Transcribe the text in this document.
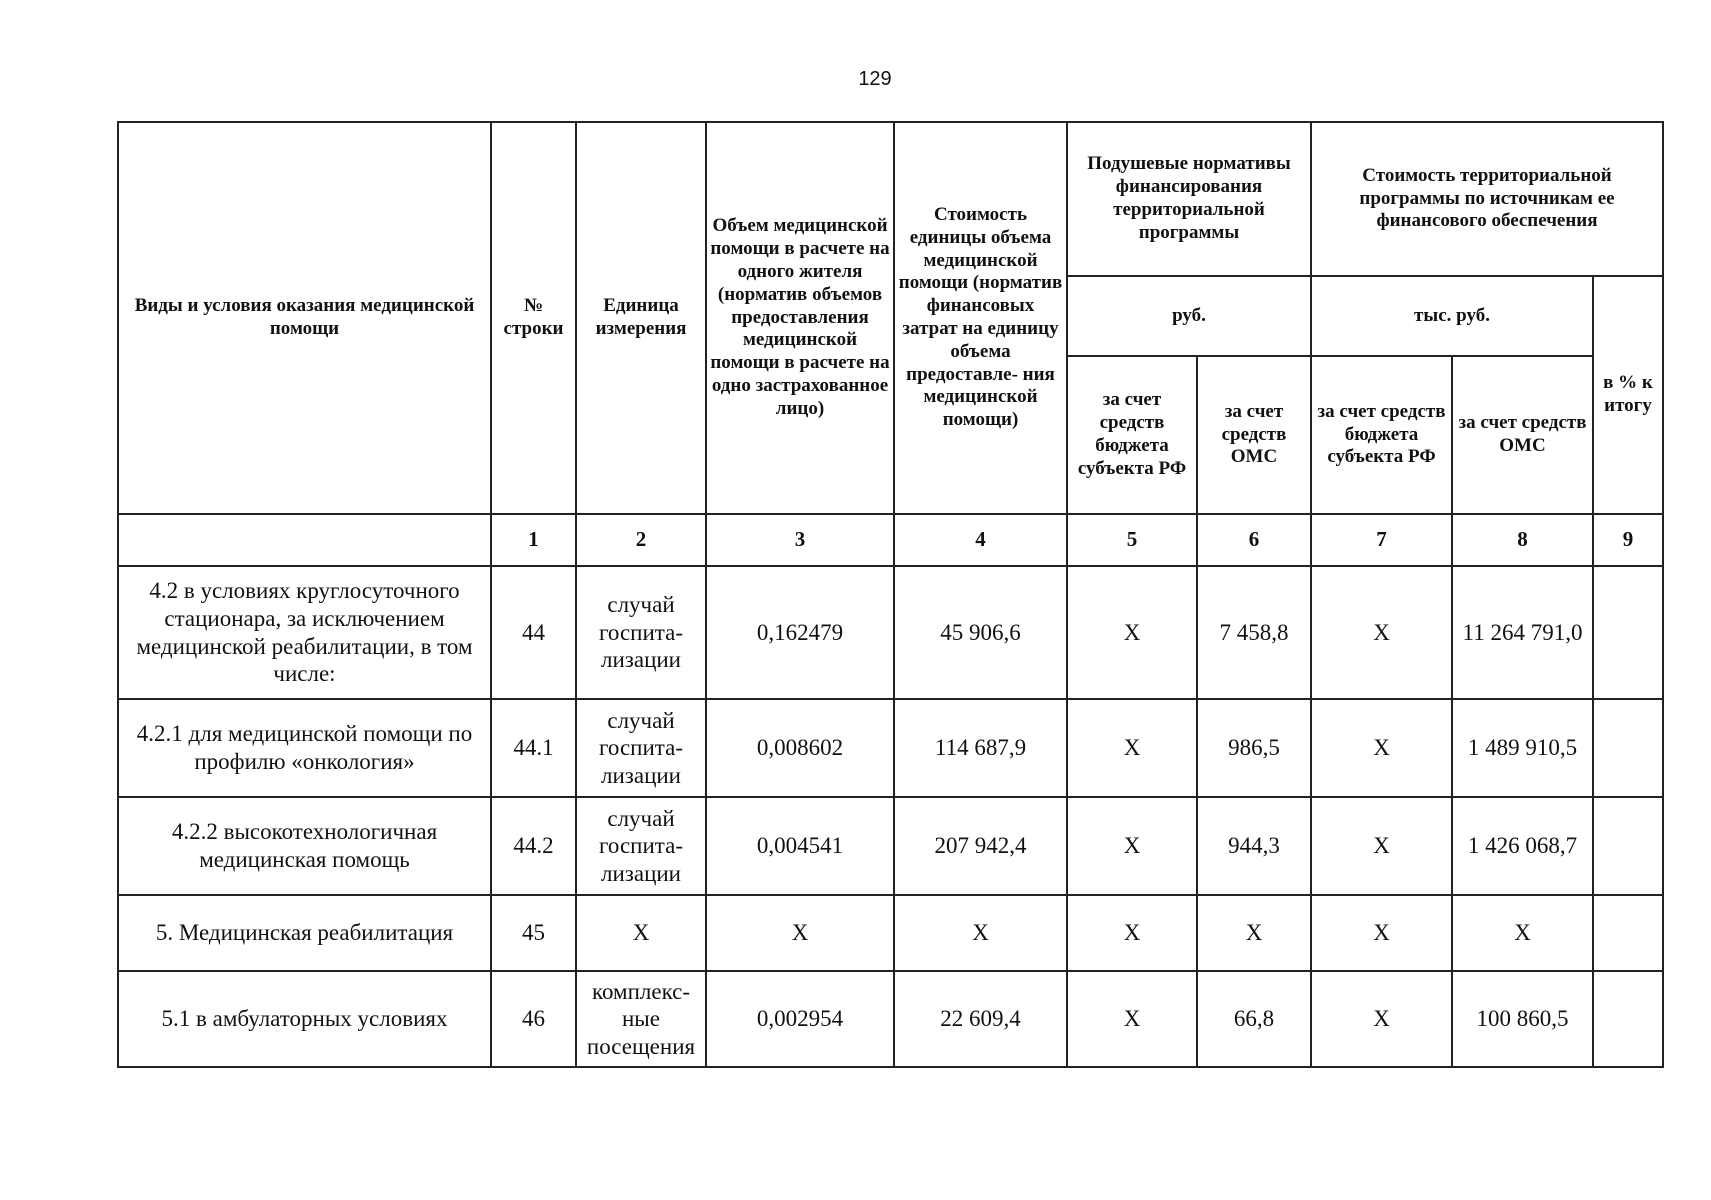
129
Виды и условия оказания медицинской помощи	№ строки	Единица измерения	Объем медицинской помощи в расчете на одного жителя (норматив объемов предоставления медицинской помощи в расчете на одно застрахованное лицо)	Стоимость единицы объема медицинской помощи (норматив финансовых затрат на единицу объема предоставле- ния медицинской помощи)	Подушевые нормативы финансирования территориальной программы		Стоимость территориальной программы по источникам ее финансового обеспечения		
					руб.		тыс. руб.		в % к итогу
					за счет средств бюджета субъекта РФ	за счет средств ОМС	за счет средств бюджета субъекта РФ	за счет средств ОМС	
	1	2	3	4	5	6	7	8	9
4.2 в условиях круглосуточного стационара, за исключением медицинской реабилитации, в том числе:	44	случай госпита- лизации	0,162479	45 906,6	Х	7 458,8	Х	11 264 791,0	
4.2.1 для медицинской помощи по профилю «онкология»	44.1	случай госпита- лизации	0,008602	114 687,9	Х	986,5	Х	1 489 910,5	
4.2.2 высокотехнологичная медицинская помощь	44.2	случай госпита- лизации	0,004541	207 942,4	Х	944,3	Х	1 426 068,7	
5. Медицинская реабилитация	45	Х	Х	Х	Х	Х	Х	Х	
5.1 в амбулаторных условиях	46	комплекс- ные посещения	0,002954	22 609,4	Х	66,8	Х	100 860,5	
